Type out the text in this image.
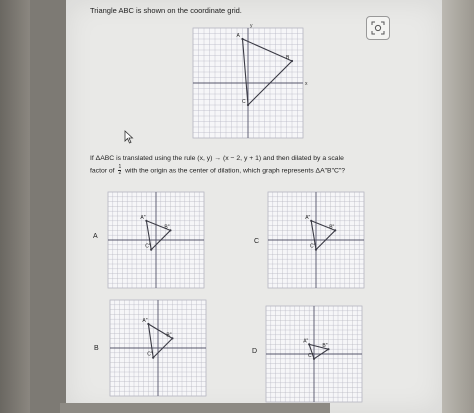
Triangle ABC is shown on the coordinate grid.
x
y
A
B
C
If ΔABC is translated using the rule (x, y) → (x − 2, y + 1) and then dilated by a scale
factor of $\frac{1}{2}$ with the origin as the center of dilation, which graph represents ΔA"B"C"?
A
A"
B"
C"
C
A"
B"
C"
B
A"
B"
C"	D
A"
B"
C"
